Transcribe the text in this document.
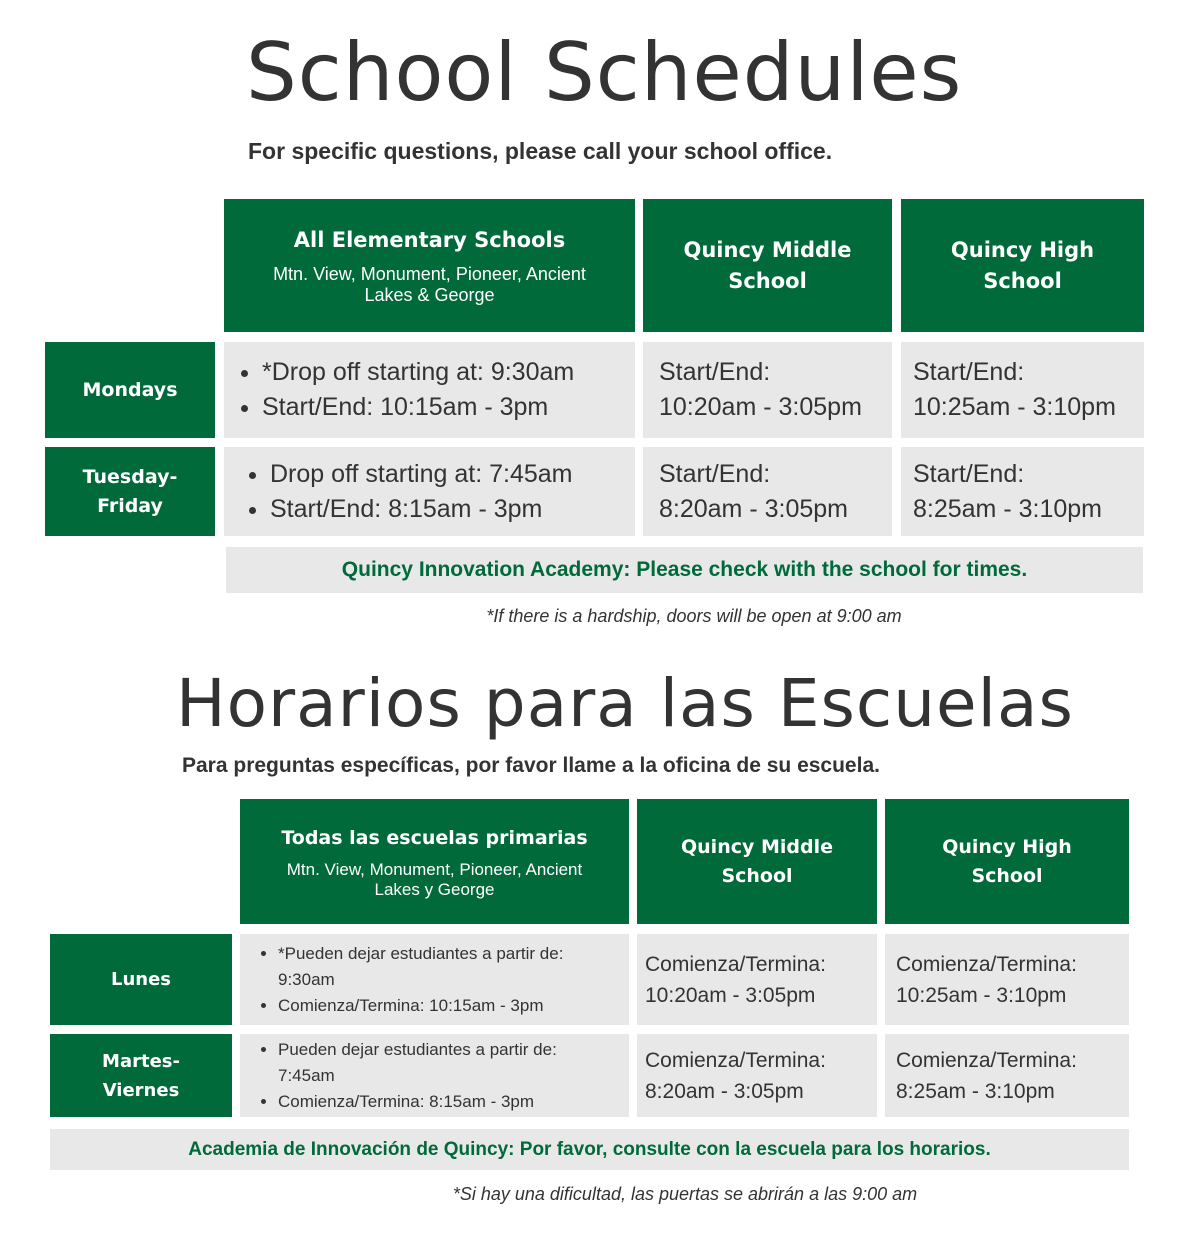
School Schedules
For specific questions, please call your school office.
All Elementary Schools
Mtn. View, Monument, Pioneer, Ancient Lakes & George
Quincy Middle School
Quincy High School
Mondays
• *Drop off starting at: 9:30am
• Start/End: 10:15am - 3pm
Start/End:
10:20am - 3:05pm
Start/End:
10:25am - 3:10pm
Tuesday-Friday
• Drop off starting at: 7:45am
• Start/End: 8:15am - 3pm
Start/End:
8:20am - 3:05pm
Start/End:
8:25am - 3:10pm
Quincy Innovation Academy: Please check with the school for times.
*If there is a hardship, doors will be open at 9:00 am
Horarios para las Escuelas
Para preguntas específicas, por favor llame a la oficina de su escuela.
Todas las escuelas primarias
Mtn. View, Monument, Pioneer, Ancient Lakes y George
Quincy Middle School
Quincy High School
Lunes
• *Pueden dejar estudiantes a partir de: 9:30am
• Comienza/Termina: 10:15am - 3pm
Comienza/Termina:
10:20am - 3:05pm
Comienza/Termina:
10:25am - 3:10pm
Martes-Viernes
• Pueden dejar estudiantes a partir de: 7:45am
• Comienza/Termina: 8:15am - 3pm
Comienza/Termina:
8:20am - 3:05pm
Comienza/Termina:
8:25am - 3:10pm
Academia de Innovación de Quincy: Por favor, consulte con la escuela para los horarios.
*Si hay una dificultad, las puertas se abrirán a las 9:00 am
